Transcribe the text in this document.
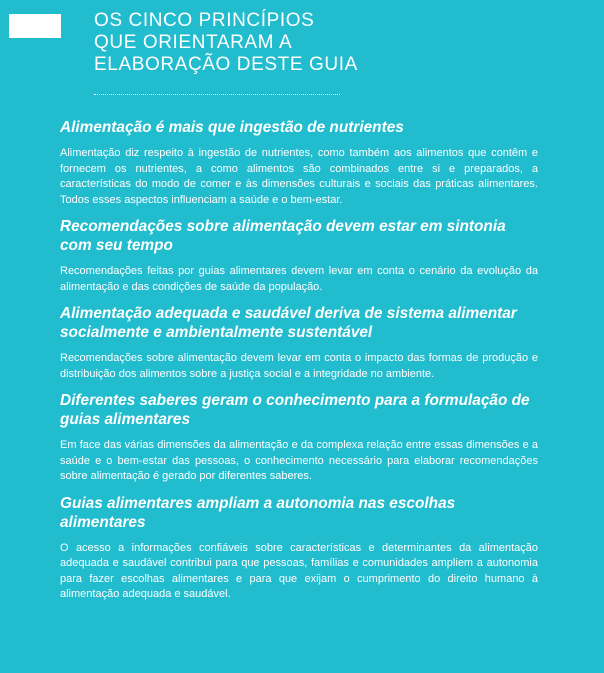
OS CINCO PRINCÍPIOS
QUE ORIENTARAM A
ELABORAÇÃO DESTE GUIA
Alimentação é mais que ingestão de nutrientes

Alimentação diz respeito à ingestão de nutrientes, como também aos alimentos que contêm e fornecem os nutrientes, a como alimentos são combinados entre si e preparados, a características do modo de comer e às dimensões culturais e sociais das práticas alimentares. Todos esses aspectos influenciam a saúde e o bem-estar.

Recomendações sobre alimentação devem estar em sintonia com seu tempo

Recomendações feitas por guias alimentares devem levar em conta o cenário da evolução da alimentação e das condições de saúde da população.

Alimentação adequada e saudável deriva de sistema alimentar socialmente e ambientalmente sustentável

Recomendações sobre alimentação devem levar em conta o impacto das formas de produção e distribuição dos alimentos sobre a justiça social e a integridade no ambiente.

Diferentes saberes geram o conhecimento para a formulação de guias alimentares

Em face das várias dimensões da alimentação e da complexa relação entre essas dimensões e a saúde e o bem-estar das pessoas, o conhecimento necessário para elaborar recomendações sobre alimentação é gerado por diferentes saberes.

Guias alimentares ampliam a autonomia nas escolhas alimentares

O acesso a informações confiáveis sobre características e determinantes da alimentação adequada e saudável contribui para que pessoas, famílias e comunidades ampliem a autonomia para fazer escolhas alimentares e para que exijam o cumprimento do direito humano à alimentação adequada e saudável.
